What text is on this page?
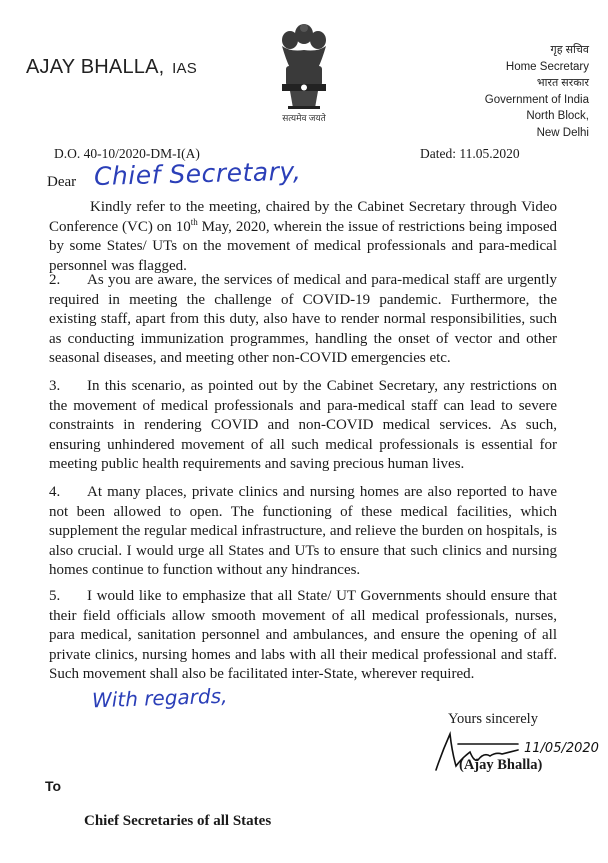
AJAY BHALLA, IAS
सत्यमेव जयते
गृह सचिव
Home Secretary
भारत सरकार
Government of India
North Block,
New Delhi
D.O. 40-10/2020-DM-I(A)	Dated: 11.05.2020
Dear Chief Secretary,
Kindly refer to the meeting, chaired by the Cabinet Secretary through Video Conference (VC) on 10th May, 2020, wherein the issue of restrictions being imposed by some States/ UTs on the movement of medical professionals and para-medical personnel was flagged.
2. As you are aware, the services of medical and para-medical staff are urgently required in meeting the challenge of COVID-19 pandemic. Furthermore, the existing staff, apart from this duty, also have to render normal responsibilities, such as conducting immunization programmes, handling the onset of vector and other seasonal diseases, and meeting other non-COVID emergencies etc.
3. In this scenario, as pointed out by the Cabinet Secretary, any restrictions on the movement of medical professionals and para-medical staff can lead to severe constraints in rendering COVID and non-COVID medical services. As such, ensuring unhindered movement of all such medical professionals is essential for meeting public health requirements and saving precious human lives.
4. At many places, private clinics and nursing homes are also reported to have not been allowed to open. The functioning of these medical facilities, which supplement the regular medical infrastructure, and relieve the burden on hospitals, is also crucial. I would urge all States and UTs to ensure that such clinics and nursing homes continue to function without any hindrances.
5. I would like to emphasize that all State/ UT Governments should ensure that their field officials allow smooth movement of all medical professionals, nurses, para medical, sanitation personnel and ambulances, and ensure the opening of all private clinics, nursing homes and labs with all their medical professional and staff. Such movement shall also be facilitated inter-State, wherever required.
With regards,
Yours sincerely
11/05/2020
(Ajay Bhalla)
To
Chief Secretaries of all States
